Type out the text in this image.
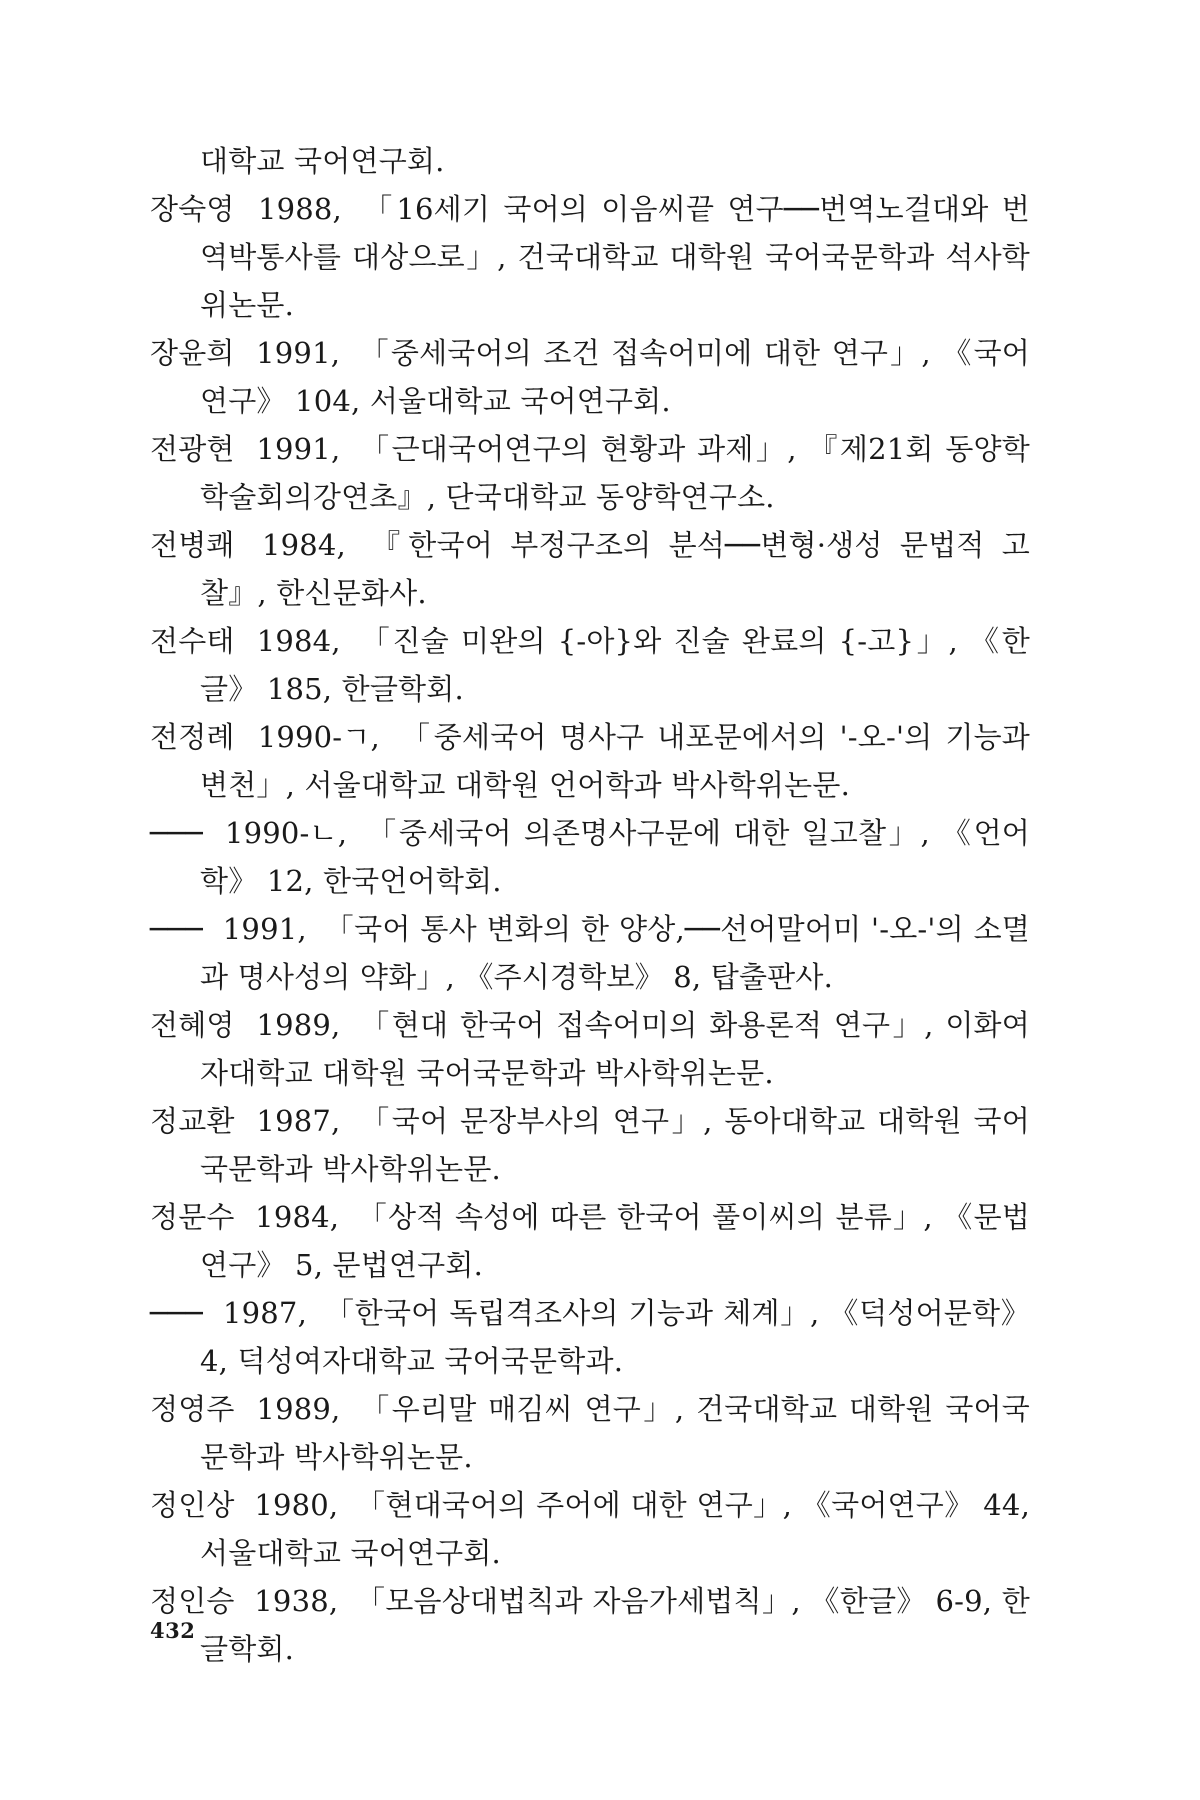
대학교 국어연구회.

장숙영 1988, 「16세기 국어의 이음씨끝 연구──번역노걸대와 번역박통사를 대상으로」, 건국대학교 대학원 국어국문학과 석사학위논문.

장윤희 1991, 「중세국어의 조건 접속어미에 대한 연구」, 《국어연구》 104, 서울대학교 국어연구회.

전광현 1991, 「근대국어연구의 현황과 과제」, 『제21회 동양학학술회의강연초』, 단국대학교 동양학연구소.

전병쾌 1984, 『한국어 부정구조의 분석──변형·생성 문법적 고찰』, 한신문화사.

전수태 1984, 「진술 미완의 {-아}와 진술 완료의 {-고}」, 《한글》 185, 한글학회.

전정례 1990-ㄱ, 「중세국어 명사구 내포문에서의 '-오-'의 기능과 변천」, 서울대학교 대학원 언어학과 박사학위논문.

─── 1990-ㄴ, 「중세국어 의존명사구문에 대한 일고찰」, 《언어학》 12, 한국언어학회.

─── 1991, 「국어 통사 변화의 한 양상,──선어말어미 '-오-'의 소멸과 명사성의 약화」, 《주시경학보》 8, 탑출판사.

전혜영 1989, 「현대 한국어 접속어미의 화용론적 연구」, 이화여자대학교 대학원 국어국문학과 박사학위논문.

정교환 1987, 「국어 문장부사의 연구」, 동아대학교 대학원 국어국문학과 박사학위논문.

정문수 1984, 「상적 속성에 따른 한국어 풀이씨의 분류」, 《문법연구》 5, 문법연구회.

─── 1987, 「한국어 독립격조사의 기능과 체계」, 《덕성어문학》 4, 덕성여자대학교 국어국문학과.

정영주 1989, 「우리말 매김씨 연구」, 건국대학교 대학원 국어국문학과 박사학위논문.

정인상 1980, 「현대국어의 주어에 대한 연구」, 《국어연구》 44, 서울대학교 국어연구회.

정인승 1938, 「모음상대법칙과 자음가세법칙」, 《한글》 6-9, 한글학회.

432
